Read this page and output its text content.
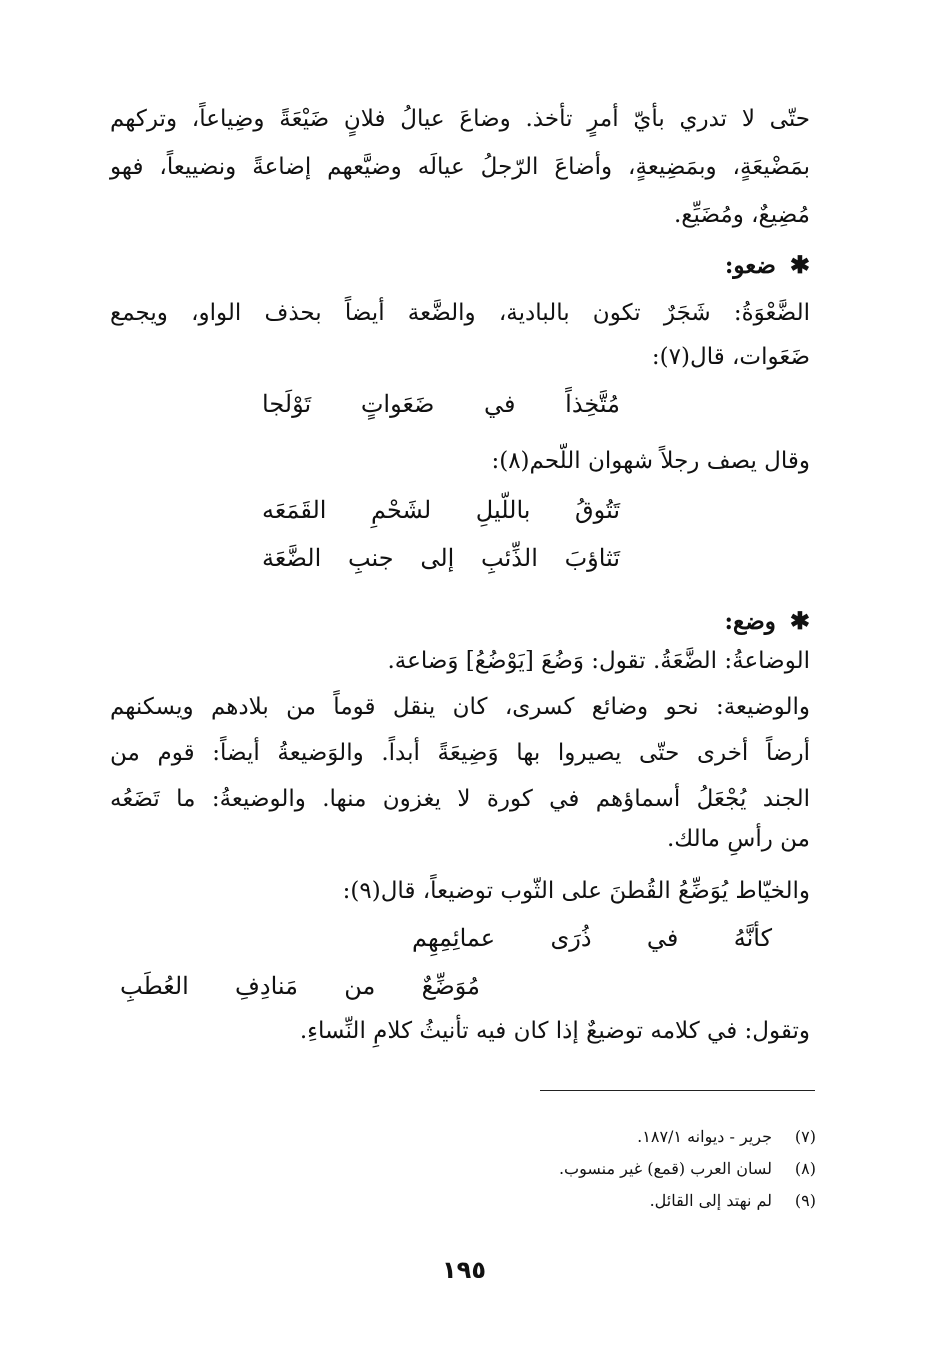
حتّى لا تدري بأيّ أمرٍ تأخذ. وضاعَ عيالُ فلانٍ ضَيْعَةً وضِياعاً، وتركهم
بمَضْيعَةٍ، وبمَضِيعةٍ، وأضاعَ الرّجلُ عيالَه وضيَّعهم إضاعةً ونضييعاً، فهو
مُضِيعٌ، ومُضَيِّع.
✱ضعو:
الضَّعْوَةُ: شَجَرٌ تكون بالبادية، والضَّعة أيضاً بحذف الواو، ويجمع
ضَعَوات، قال(٧):
مُتَّخِذاً في ضَعَواتٍ تَوْلَجا
وقال يصف رجلاً شهوان اللّحم(٨):
تَتُوقُ باللّيلِ لشَحْمِ القَمَعَه
تَثاؤبَ الذِّئبِ إلى جنبِ الضَّعَة
✱وضع:
الوضاعةُ: الضَّعَةُ. تقول: وَضُعَ [يَوْضُعُ] وَضاعة.
والوضيعة: نحو وضائع كسرى، كان ينقل قوماً من بلادهم ويسكنهم
أرضاً أخرى حتّى يصيروا بها وَضِيعَةً أبداً. والوَضيعةُ أيضاً: قوم من
الجند يُجْعَلُ أسماؤهم في كورة لا يغزون منها. والوضيعةُ: ما تَضَعُه
من رأسِ مالك.
والخيّاط يُوَضِّعُ القُطنَ على الثّوب توضيعاً، قال(٩):
كأنَّهُ في ذُرَى عمائِمِهِم
مُوَضِّعٌ من مَنادِفِ العُطَبِ
وتقول: في كلامه توضيعٌ إذا كان فيه تأنيثُ كلامِ النِّساءِ.
(٧)جرير - ديوانه ١٨٧/١.
(٨)لسان العرب (قمع) غير منسوب.
(٩)لم نهتد إلى القائل.
١٩٥
